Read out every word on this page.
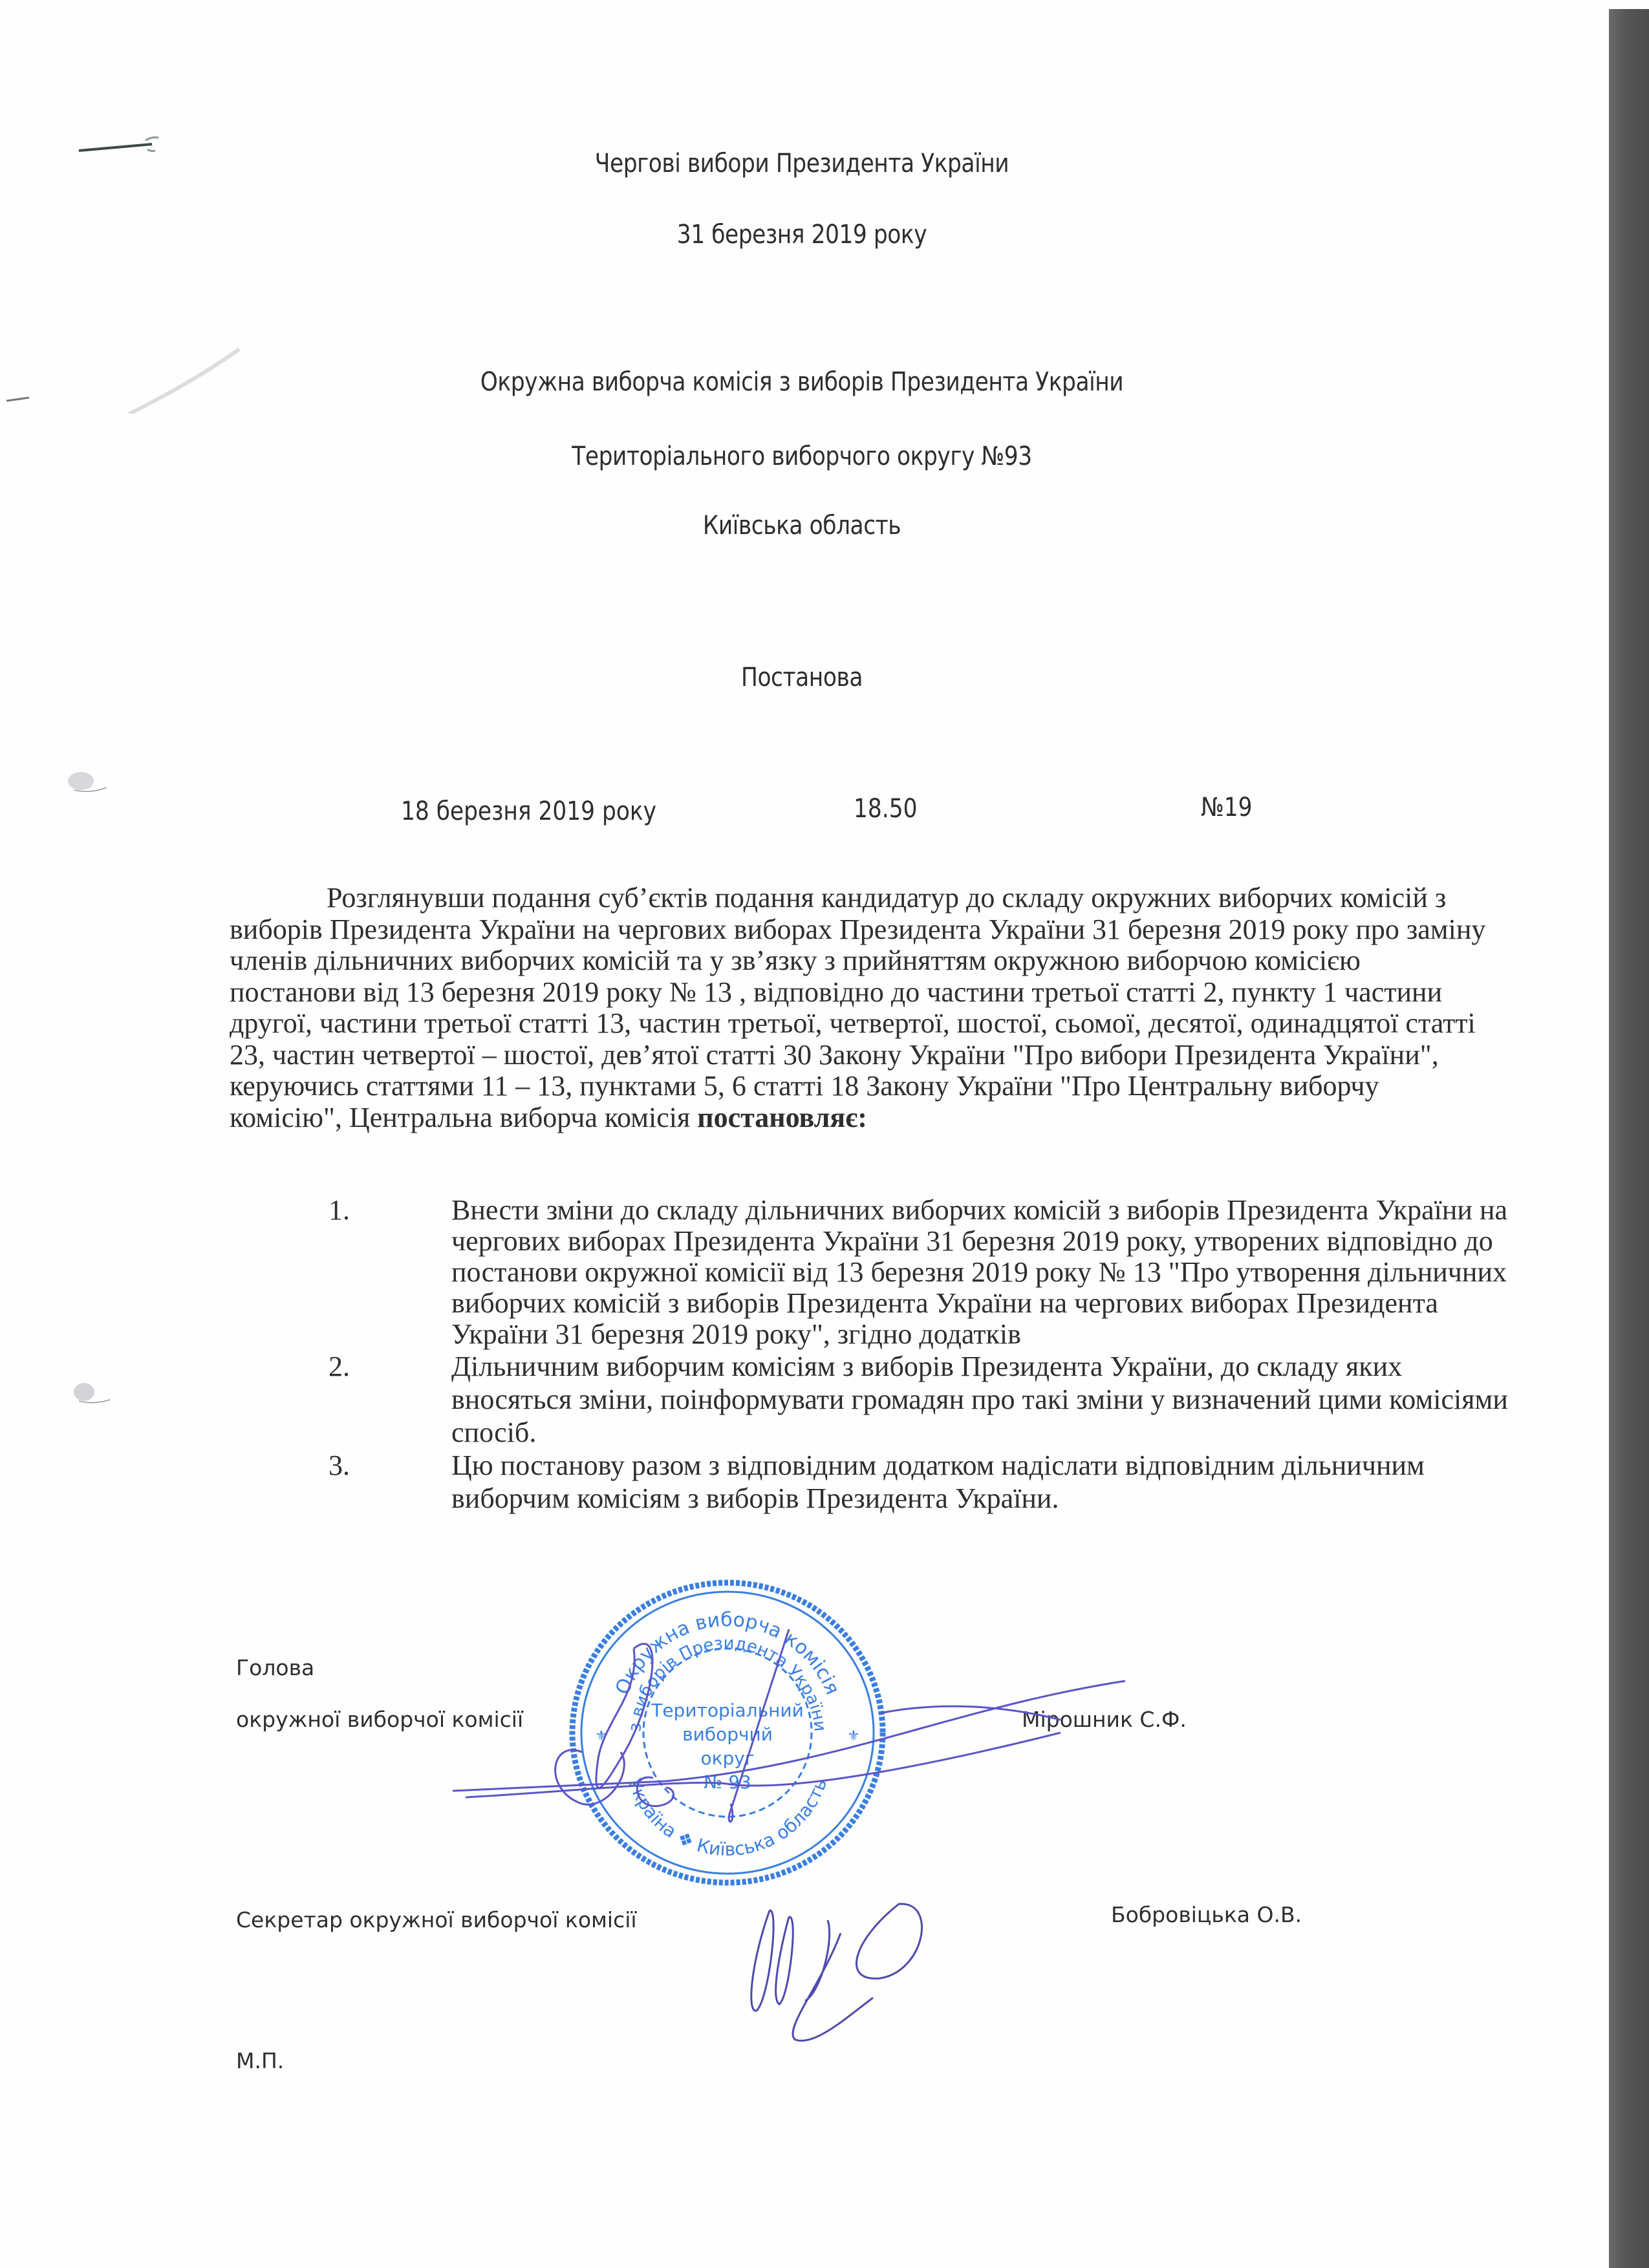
Чергові вибори Президента України
31 березня 2019 року
Окружна виборча комісія з виборів Президента України
Територіального виборчого округу №93
Київська область
Постанова
18 березня 2019 року	18.50	№19

Розглянувши подання суб’єктів подання кандидатур до складу окружних виборчих комісій з виборів Президента України на чергових виборах Президента України 31 березня 2019 року про заміну членів дільничних виборчих комісій та у зв’язку з прийняттям окружною виборчою комісією постанови від 13 березня 2019 року № 13 , відповідно до частини третьої статті 2, пункту 1 частини другої, частини третьої статті 13, частин третьої, четвертої, шостої, сьомої, десятої, одинадцятої статті 23, частин четвертої – шостої, дев’ятої статті 30 Закону України "Про вибори Президента України", керуючись статтями 11 – 13, пунктами 5, 6 статті 18 Закону України "Про Центральну виборчу комісію", Центральна виборча комісія постановляє:

1.	Внести зміни до складу дільничних виборчих комісій з виборів Президента України на чергових виборах Президента України 31 березня 2019 року, утворених відповідно до постанови окружної комісії від 13 березня 2019 року № 13 "Про утворення дільничних виборчих комісій з виборів Президента України на чергових виборах Президента України 31 березня 2019 року", згідно додатків

2.	Дільничним виборчим комісіям з виборів Президента України, до складу яких вносяться зміни, поінформувати громадян про такі зміни у визначений цими комісіями спосіб.

3.	Цю постанову разом з відповідним додатком надіслати відповідним дільничним виборчим комісіям з виборів Президента України.

Голова
окружної виборчої комісії	Мірошник С.Ф.
Секретар окружної виборчої комісії	Бобровіцька О.В.
М.П.
Окружна виборча комісія
з виборів Президента України
Україна ❖ Київська область
Територіальний
виборчий
округ
№ 93
⚜	⚜
